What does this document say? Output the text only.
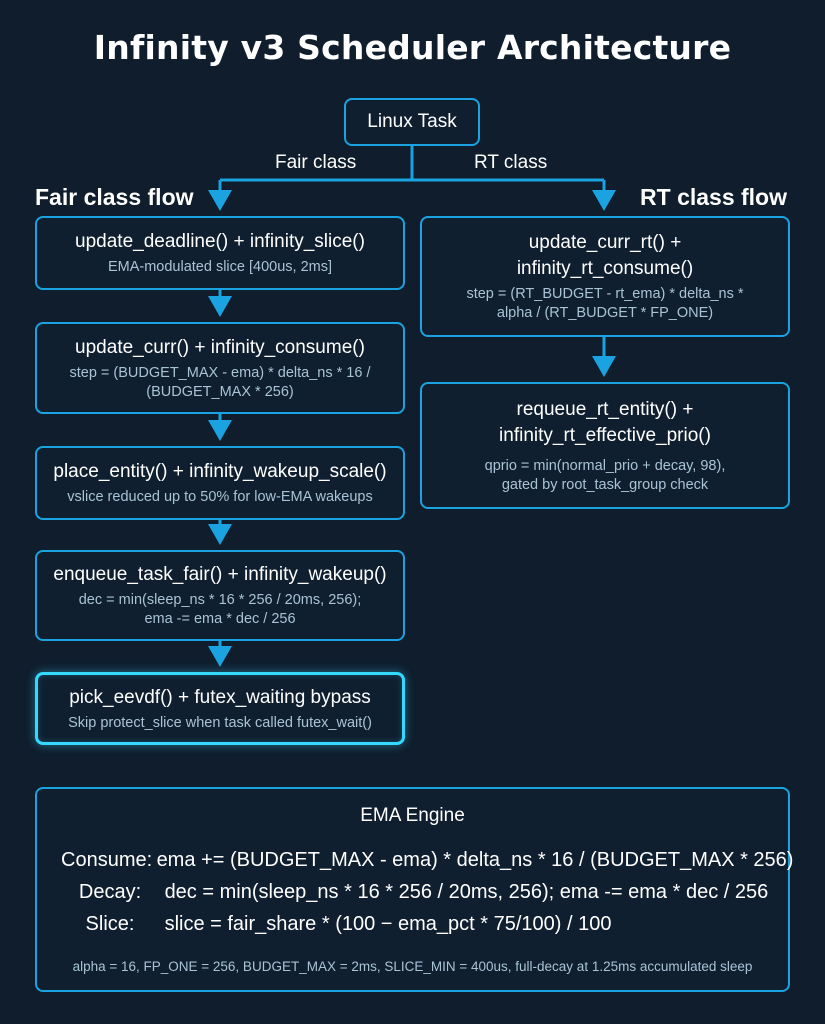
Infinity v3 Scheduler Architecture
Linux Task
Fair class	RT class
Fair class flow	RT class flow
update_deadline() + infinity_slice()
EMA-modulated slice [400us, 2ms]
update_curr() + infinity_consume()
step = (BUDGET_MAX - ema) * delta_ns * 16 /
(BUDGET_MAX * 256)
place_entity() + infinity_wakeup_scale()
vslice reduced up to 50% for low-EMA wakeups
enqueue_task_fair() + infinity_wakeup()
dec = min(sleep_ns * 16 * 256 / 20ms, 256);
ema -= ema * dec / 256
pick_eevdf() + futex_waiting bypass
Skip protect_slice when task called futex_wait()
update_curr_rt() +
infinity_rt_consume()
step = (RT_BUDGET - rt_ema) * delta_ns *
alpha / (RT_BUDGET * FP_ONE)
requeue_rt_entity() +
infinity_rt_effective_prio()
qprio = min(normal_prio + decay, 98),
gated by root_task_group check
EMA Engine
Consume: ema += (BUDGET_MAX - ema) * delta_ns * 16 / (BUDGET_MAX * 256)
Decay: dec = min(sleep_ns * 16 * 256 / 20ms, 256); ema -= ema * dec / 256
Slice: slice = fair_share * (100 − ema_pct * 75/100) / 100
alpha = 16, FP_ONE = 256, BUDGET_MAX = 2ms, SLICE_MIN = 400us, full-decay at 1.25ms accumulated sleep
